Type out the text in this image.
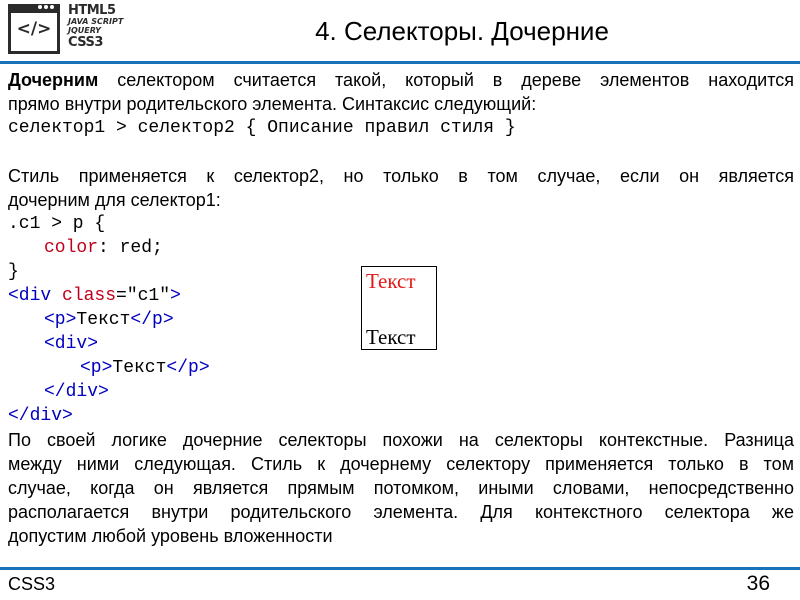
</>
HTML5
JAVA SCRIPT
JQUERY
CSS3	4. Селекторы. Дочерние
Дочерним селектором считается такой, который в дереве элементов находится
прямо внутри родительского элемента. Синтаксис следующий:
селектор1 > селектор2 { Описание правил стиля }
Стиль применяется к селектор2, но только в том случае, если он является
дочерним для селектор1:
.c1 > p {
color: red;
}
<div class="c1">
<p>Текст</p>
<div>
<p>Текст</p>
</div>
</div>
По своей логике дочерние селекторы похожи на селекторы контекстные. Разница
между ними следующая. Стиль к дочернему селектору применяется только в том
случае, когда он является прямым потомком, иными словами, непосредственно
располагается внутри родительского элемента. Для контекстного селектора же
допустим любой уровень вложенности
Текст
Текст
CSS3	36
